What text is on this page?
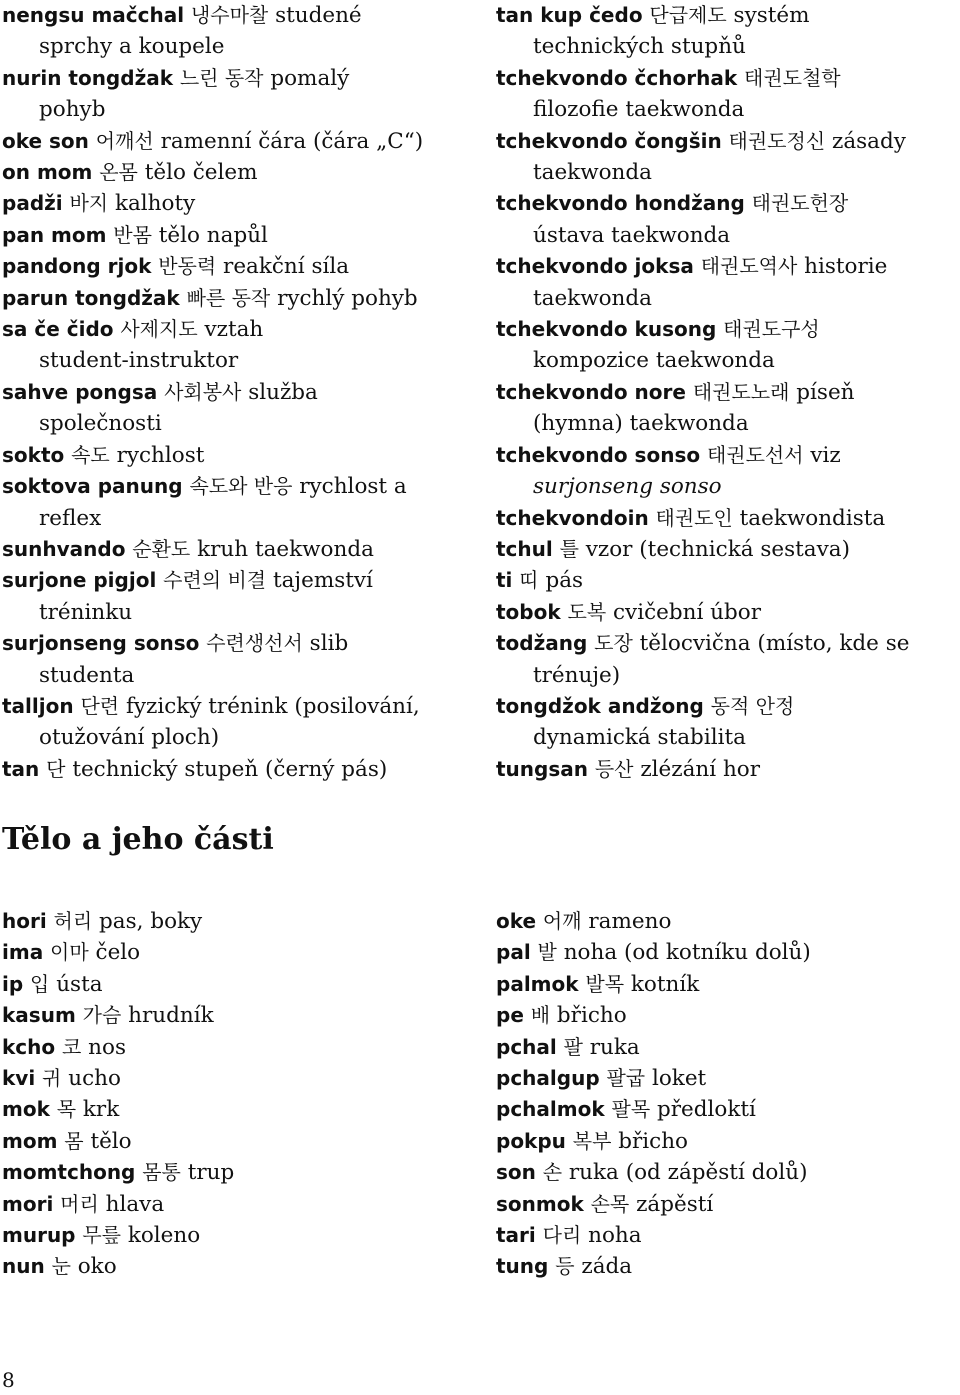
nengsu mačchal 냉수마찰 studené
sprchy a koupele
nurin tongdžak 느린 동작 pomalý
pohyb
oke son 어깨선 ramenní čára (čára „C“)
on mom 온몸 tělo čelem
padži 바지 kalhoty
pan mom 반몸 tělo napůl
pandong rjok 반동력 reakční síla
parun tongdžak 빠른 동작 rychlý pohyb
sa če čido 사제지도 vztah
student-instruktor
sahve pongsa 사회봉사 služba
společnosti
sokto 속도 rychlost
soktova panung 속도와 반응 rychlost a
reflex
sunhvando 순환도 kruh taekwonda
surjone pigjol 수련의 비결 tajemství
tréninku
surjonseng sonso 수련생선서 slib
studenta
talljon 단련 fyzický trénink (posilování,
otužování ploch)
tan 단 technický stupeň (černý pás)
tan kup čedo 단급제도 systém
technických stupňů
tchekvondo čchorhak 태권도철학
filozofie taekwonda
tchekvondo čongšin 태권도정신 zásady
taekwonda
tchekvondo hondžang 태권도헌장
ústava taekwonda
tchekvondo joksa 태권도역사 historie
taekwonda
tchekvondo kusong 태권도구성
kompozice taekwonda
tchekvondo nore 태권도노래 píseň
(hymna) taekwonda
tchekvondo sonso 태권도선서 viz
surjonseng sonso
tchekvondoin 태권도인 taekwondista
tchul 틀 vzor (technická sestava)
ti 띠 pás
tobok 도복 cvičební úbor
todžang 도장 tělocvična (místo, kde se
trénuje)
tongdžok andžong 동적 안정
dynamická stabilita
tungsan 등산 zlézání hor
Tělo a jeho části
hori 허리 pas, boky
ima 이마 čelo
ip 입 ústa
kasum 가슴 hrudník
kcho 코 nos
kvi 귀 ucho
mok 목 krk
mom 몸 tělo
momtchong 몸통 trup
mori 머리 hlava
murup 무릎 koleno
nun 눈 oko
oke 어깨 rameno
pal 발 noha (od kotníku dolů)
palmok 발목 kotník
pe 배 břicho
pchal 팔 ruka
pchalgup 팔굽 loket
pchalmok 팔목 předloktí
pokpu 복부 břicho
son 손 ruka (od zápěstí dolů)
sonmok 손목 zápěstí
tari 다리 noha
tung 등 záda
8
